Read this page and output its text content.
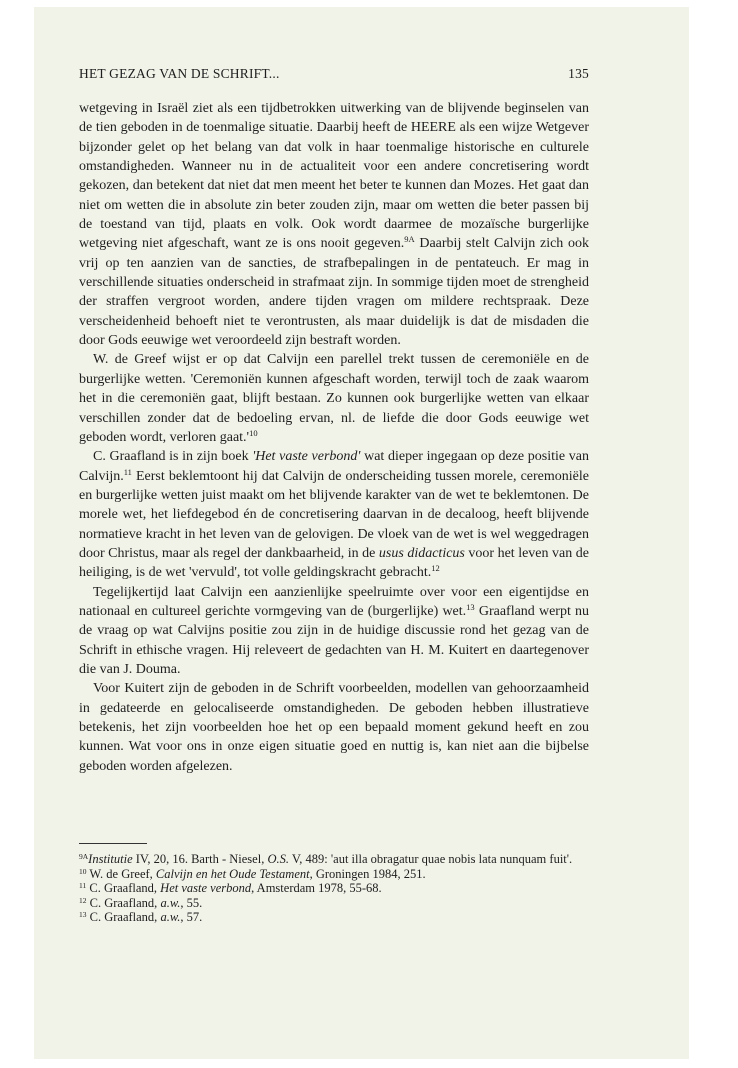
HET GEZAG VAN DE SCHRIFT...	135

wetgeving in Israël ziet als een tijdbetrokken uitwerking van de blijvende beginselen van de tien geboden in de toenmalige situatie. Daarbij heeft de HEERE als een wijze Wetgever bijzonder gelet op het belang van dat volk in haar toenmalige historische en culturele omstandigheden. Wanneer nu in de actualiteit voor een andere concretisering wordt gekozen, dan betekent dat niet dat men meent het beter te kunnen dan Mozes. Het gaat dan niet om wetten die in absolute zin beter zouden zijn, maar om wetten die beter passen bij de toestand van tijd, plaats en volk. Ook wordt daarmee de mozaïsche burgerlijke wetgeving niet afgeschaft, want ze is ons nooit gegeven.$^{9A}$ Daarbij stelt Calvijn zich ook vrij op ten aanzien van de sancties, de strafbepalingen in de pentateuch. Er mag in verschillende situaties onderscheid in strafmaat zijn. In sommige tijden moet de strengheid der straffen vergroot worden, andere tijden vragen om mildere rechtspraak. Deze verscheidenheid behoeft niet te verontrusten, als maar duidelijk is dat de misdaden die door Gods eeuwige wet veroordeeld zijn bestraft worden.

W. de Greef wijst er op dat Calvijn een parellel trekt tussen de ceremoniële en de burgerlijke wetten. 'Ceremoniën kunnen afgeschaft worden, terwijl toch de zaak waarom het in die ceremoniën gaat, blijft bestaan. Zo kunnen ook burgerlijke wetten van elkaar verschillen zonder dat de bedoeling ervan, nl. de liefde die door Gods eeuwige wet geboden wordt, verloren $gaat.'^{10}$

C. Graafland is in zijn boek 'Het vaste verbond' wat dieper ingegaan op deze positie van Calvijn.$^{11}$ Eerst beklemtoont hij dat Calvijn de onderscheiding tussen morele, ceremoniële en burgerlijke wetten juist maakt om het blijvende karakter van de wet te beklemtonen. De morele wet, het liefdegebod én de concretisering daarvan in de decaloog, heeft blijvende normatieve kracht in het leven van de gelovigen. De vloek van de wet is wel weggedragen door Christus, maar als regel der dankbaarheid, in de usus didacticus voor het leven van de heiliging, is de wet 'vervuld', tot volle geldingskracht gebracht.$^{12}$

Tegelijkertijd laat Calvijn een aanzienlijke speelruimte over voor een eigentijdse en nationaal en cultureel gerichte vormgeving van de (burgerlijke) wet.$^{13}$ Graafland werpt nu de vraag op wat Calvijns positie zou zijn in de huidige discussie rond het gezag van de Schrift in ethische vragen. Hij releveert de gedachten van H. M. Kuitert en daartegenover die van J. Douma.

Voor Kuitert zijn de geboden in de Schrift voorbeelden, modellen van gehoorzaamheid in gedateerde en gelocaliseerde omstandigheden. De geboden hebben illustratieve betekenis, het zijn voorbeelden hoe het op een bepaald moment gekund heeft en zou kunnen. Wat voor ons in onze eigen situatie goed en nuttig is, kan niet aan die bijbelse geboden worden afgelezen.

$^{9A}$Institutie IV, 20, 16. Barth - Niesel, O.S. V, 489: 'aut illa obragatur quae nobis lata nunquam fuit'.
$^{10}$ W. de Greef, Calvijn en het Oude Testament, Groningen 1984, 251.
$^{11}$ C. Graafland, Het vaste verbond, Amsterdam 1978, 55-68.
$^{12}$ C. Graafland, a.w., 55.
$^{13}$ C. Graafland, a.w., 57.
